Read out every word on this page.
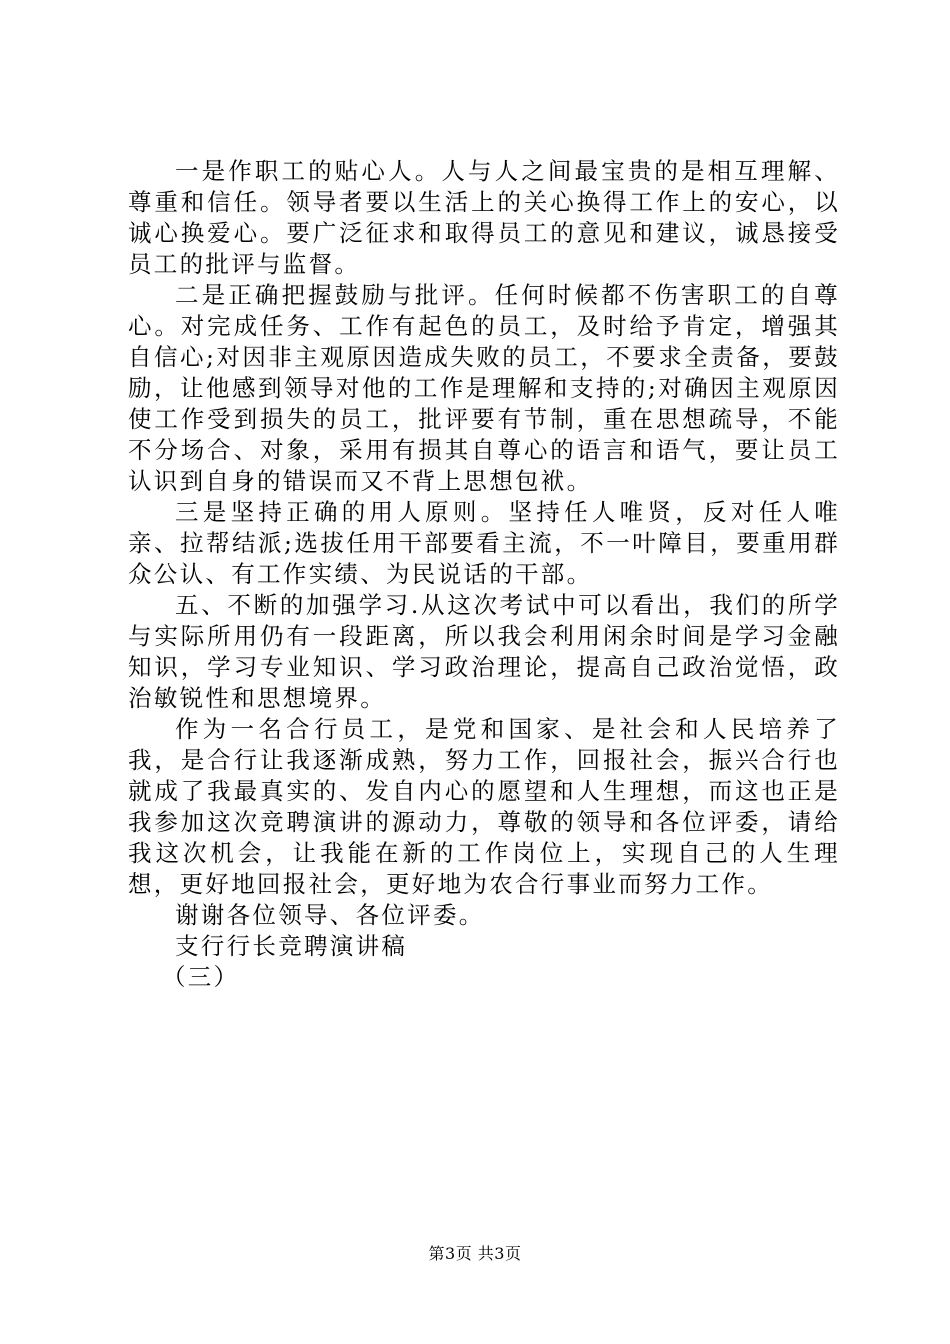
一是作职工的贴心人。人与人之间最宝贵的是相互理解、尊重和信任。领导者要以生活上的关心换得工作上的安心，以诚心换爱心。要广泛征求和取得员工的意见和建议，诚恳接受员工的批评与监督。

二是正确把握鼓励与批评。任何时候都不伤害职工的自尊心。对完成任务、工作有起色的员工，及时给予肯定，增强其自信心;对因非主观原因造成失败的员工，不要求全责备，要鼓励，让他感到领导对他的工作是理解和支持的;对确因主观原因使工作受到损失的员工，批评要有节制，重在思想疏导，不能不分场合、对象，采用有损其自尊心的语言和语气，要让员工认识到自身的错误而又不背上思想包袱。

三是坚持正确的用人原则。坚持任人唯贤，反对任人唯亲、拉帮结派;选拔任用干部要看主流，不一叶障目，要重用群众公认、有工作实绩、为民说话的干部。

五、不断的加强学习.从这次考试中可以看出，我们的所学与实际所用仍有一段距离，所以我会利用闲余时间是学习金融知识，学习专业知识、学习政治理论，提高自己政治觉悟，政治敏锐性和思想境界。

作为一名合行员工，是党和国家、是社会和人民培养了我，是合行让我逐渐成熟，努力工作，回报社会，振兴合行也就成了我最真实的、发自内心的愿望和人生理想，而这也正是我参加这次竞聘演讲的源动力，尊敬的领导和各位评委，请给我这次机会，让我能在新的工作岗位上，实现自己的人生理想，更好地回报社会，更好地为农合行事业而努力工作。

谢谢各位领导、各位评委。

支行行长竞聘演讲稿

（三）

第3页 共3页
